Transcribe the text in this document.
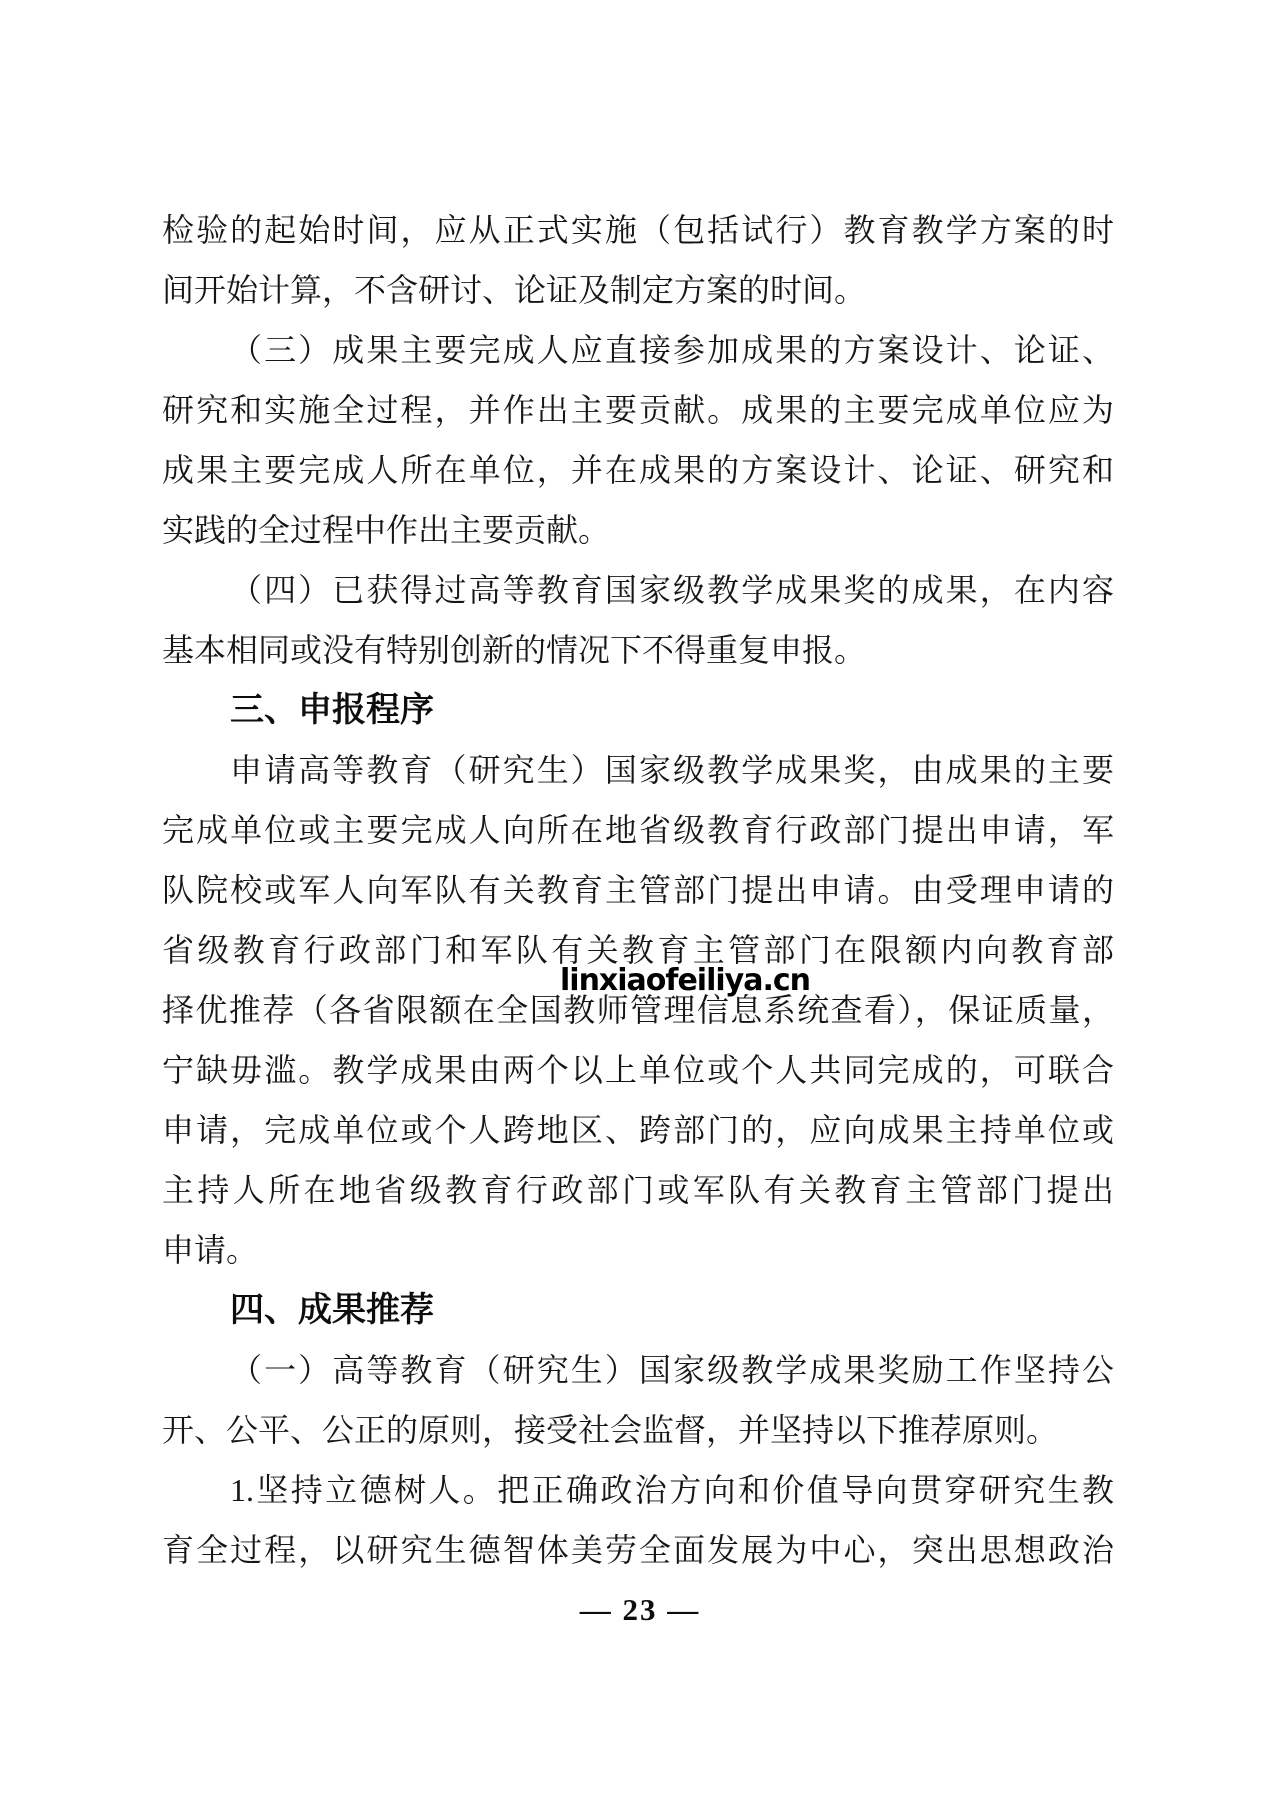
检验的起始时间，应从正式实施（包括试行）教育教学方案的时
间开始计算，不含研讨、论证及制定方案的时间。
（三）成果主要完成人应直接参加成果的方案设计、论证、
研究和实施全过程，并作出主要贡献。成果的主要完成单位应为
成果主要完成人所在单位，并在成果的方案设计、论证、研究和
实践的全过程中作出主要贡献。
（四）已获得过高等教育国家级教学成果奖的成果，在内容
基本相同或没有特别创新的情况下不得重复申报。
三、申报程序
申请高等教育（研究生）国家级教学成果奖，由成果的主要
完成单位或主要完成人向所在地省级教育行政部门提出申请，军
队院校或军人向军队有关教育主管部门提出申请。由受理申请的
省级教育行政部门和军队有关教育主管部门在限额内向教育部
择优推荐（各省限额在全国教师管理信息系统查看），保证质量，
宁缺毋滥。教学成果由两个以上单位或个人共同完成的，可联合
申请，完成单位或个人跨地区、跨部门的，应向成果主持单位或
主持人所在地省级教育行政部门或军队有关教育主管部门提出
申请。
四、成果推荐
（一）高等教育（研究生）国家级教学成果奖励工作坚持公
开、公平、公正的原则，接受社会监督，并坚持以下推荐原则。
1.坚持立德树人。把正确政治方向和价值导向贯穿研究生教
育全过程，以研究生德智体美劳全面发展为中心，突出思想政治
linxiaofeiliya.cn
— 23 —
